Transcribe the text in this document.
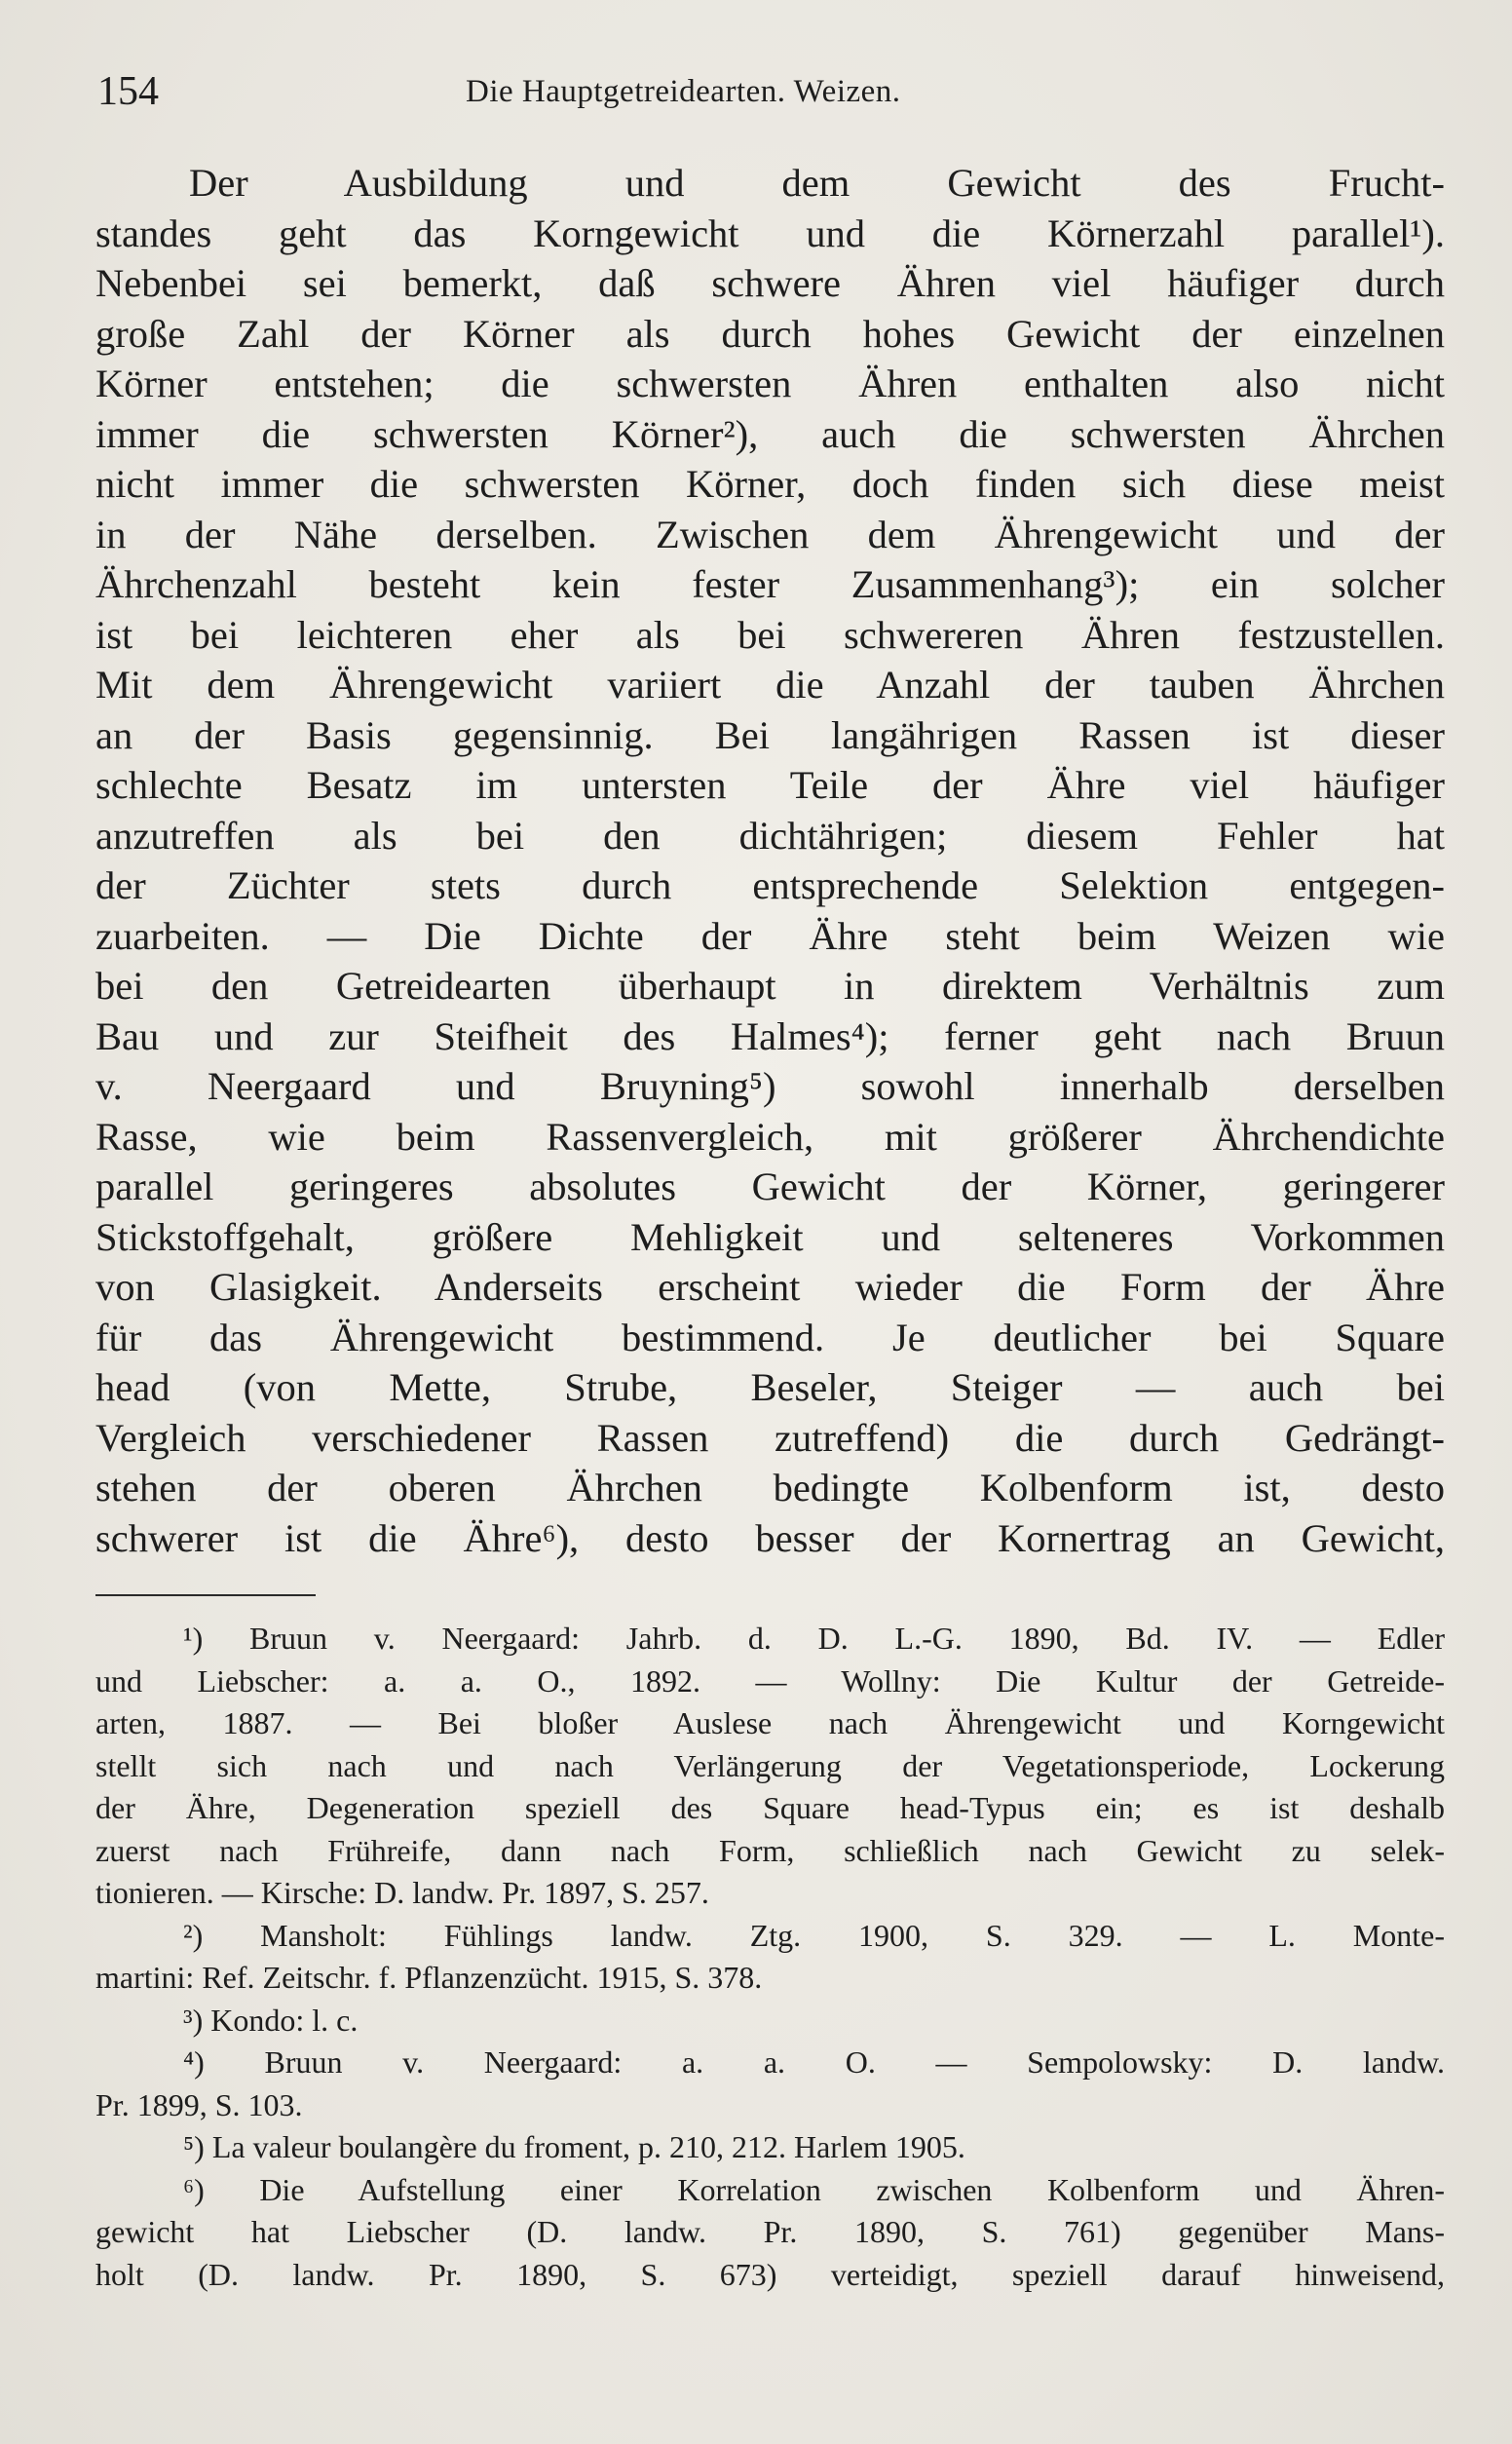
154	Die Hauptgetreidearten. Weizen.
Der Ausbildung und dem Gewicht des Frucht-
standes geht das Korngewicht und die Körnerzahl parallel¹).
Nebenbei sei bemerkt, daß schwere Ähren viel häufiger durch
große Zahl der Körner als durch hohes Gewicht der einzelnen
Körner entstehen; die schwersten Ähren enthalten also nicht
immer die schwersten Körner²), auch die schwersten Ährchen
nicht immer die schwersten Körner, doch finden sich diese meist
in der Nähe derselben. Zwischen dem Ährengewicht und der
Ährchenzahl besteht kein fester Zusammenhang³); ein solcher
ist bei leichteren eher als bei schwereren Ähren festzustellen.
Mit dem Ährengewicht variiert die Anzahl der tauben Ährchen
an der Basis gegensinnig. Bei langährigen Rassen ist dieser
schlechte Besatz im untersten Teile der Ähre viel häufiger
anzutreffen als bei den dichtährigen; diesem Fehler hat
der Züchter stets durch entsprechende Selektion entgegen-
zuarbeiten. — Die Dichte der Ähre steht beim Weizen wie
bei den Getreidearten überhaupt in direktem Verhältnis zum
Bau und zur Steifheit des Halmes⁴); ferner geht nach Bruun
v. Neergaard und Bruyning⁵) sowohl innerhalb derselben
Rasse, wie beim Rassenvergleich, mit größerer Ährchendichte
parallel geringeres absolutes Gewicht der Körner, geringerer
Stickstoffgehalt, größere Mehligkeit und selteneres Vorkommen
von Glasigkeit. Anderseits erscheint wieder die Form der Ähre
für das Ährengewicht bestimmend. Je deutlicher bei Square
head (von Mette, Strube, Beseler, Steiger — auch bei
Vergleich verschiedener Rassen zutreffend) die durch Gedrängt-
stehen der oberen Ährchen bedingte Kolbenform ist, desto
schwerer ist die Ähre⁶), desto besser der Kornertrag an Gewicht,
¹) Bruun v. Neergaard: Jahrb. d. D. L.-G. 1890, Bd. IV. — Edler
und Liebscher: a. a. O., 1892. — Wollny: Die Kultur der Getreide-
arten, 1887. — Bei bloßer Auslese nach Ährengewicht und Korngewicht
stellt sich nach und nach Verlängerung der Vegetationsperiode, Lockerung
der Ähre, Degeneration speziell des Square head-Typus ein; es ist deshalb
zuerst nach Frühreife, dann nach Form, schließlich nach Gewicht zu selek-
tionieren. — Kirsche: D. landw. Pr. 1897, S. 257.
²) Mansholt: Fühlings landw. Ztg. 1900, S. 329. — L. Monte-
martini: Ref. Zeitschr. f. Pflanzenzücht. 1915, S. 378.
³) Kondo: l. c.
⁴) Bruun v. Neergaard: a. a. O. — Sempolowsky: D. landw.
Pr. 1899, S. 103.
⁵) La valeur boulangère du froment, p. 210, 212. Harlem 1905.
⁶) Die Aufstellung einer Korrelation zwischen Kolbenform und Ähren-
gewicht hat Liebscher (D. landw. Pr. 1890, S. 761) gegenüber Mans-
holt (D. landw. Pr. 1890, S. 673) verteidigt, speziell darauf hinweisend,
